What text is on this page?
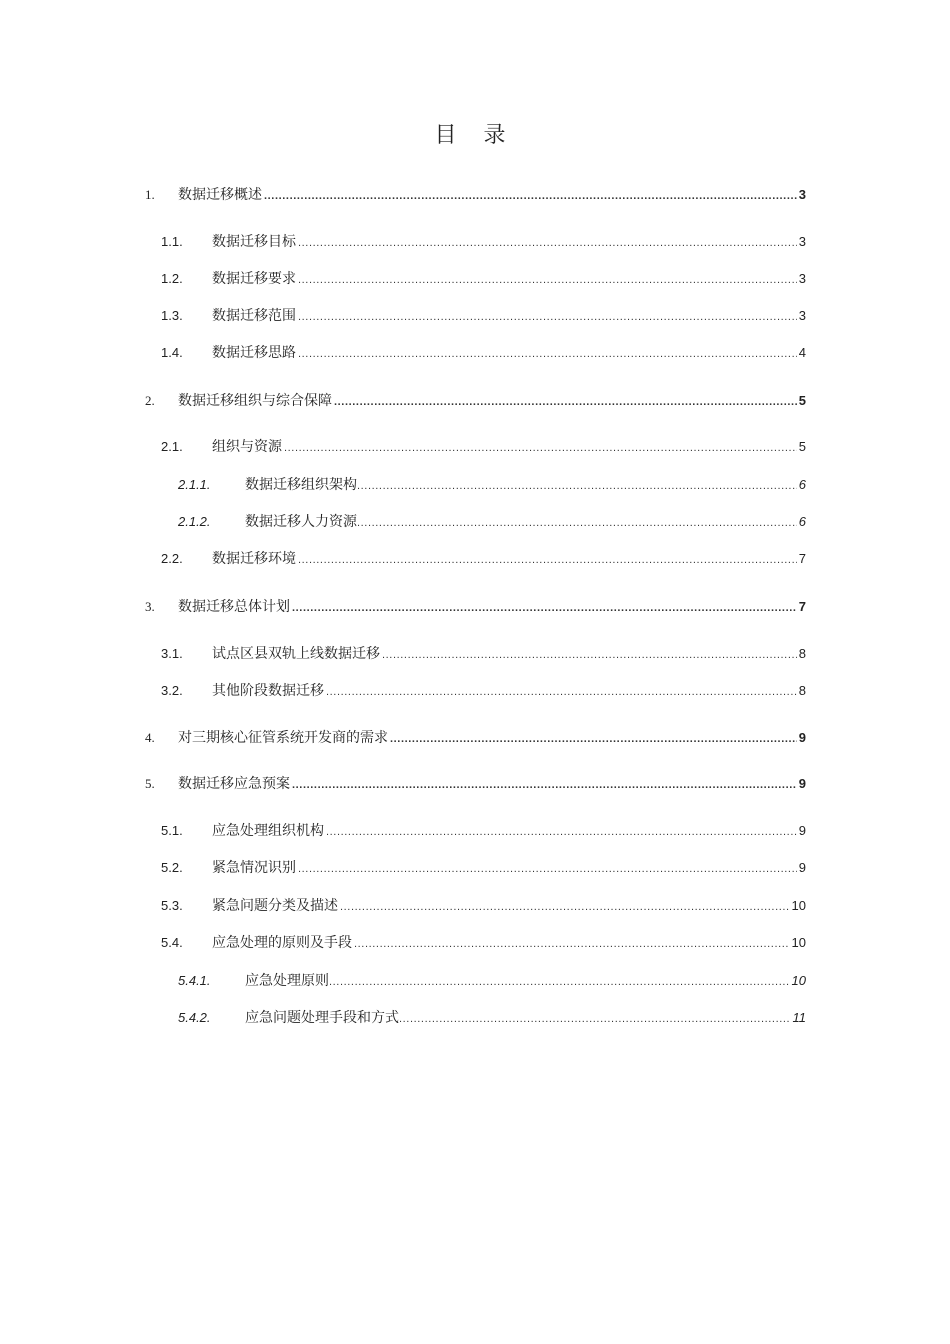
目 录
1.	数据迁移概述 .....	3
1.1.	数据迁移目标 .....	3
1.2.	数据迁移要求 .....	3
1.3.	数据迁移范围 .....	3
1.4.	数据迁移思路 .....	4
2.	数据迁移组织与综合保障 .....	5
2.1.	组织与资源 .....	5
2.1.1.	数据迁移组织架构 .....	6
2.1.2.	数据迁移人力资源 .....	6
2.2.	数据迁移环境 .....	7
3.	数据迁移总体计划 .....	7
3.1.	试点区县双轨上线数据迁移 .....	8
3.2.	其他阶段数据迁移 .....	8
4.	对三期核心征管系统开发商的需求 .....	9
5.	数据迁移应急预案 .....	9
5.1.	应急处理组织机构 .....	9
5.2.	紧急情况识别 .....	9
5.3.	紧急问题分类及描述 .....	10
5.4.	应急处理的原则及手段 .....	10
5.4.1.	应急处理原则 .....	10
5.4.2.	应急问题处理手段和方式 .....	11
